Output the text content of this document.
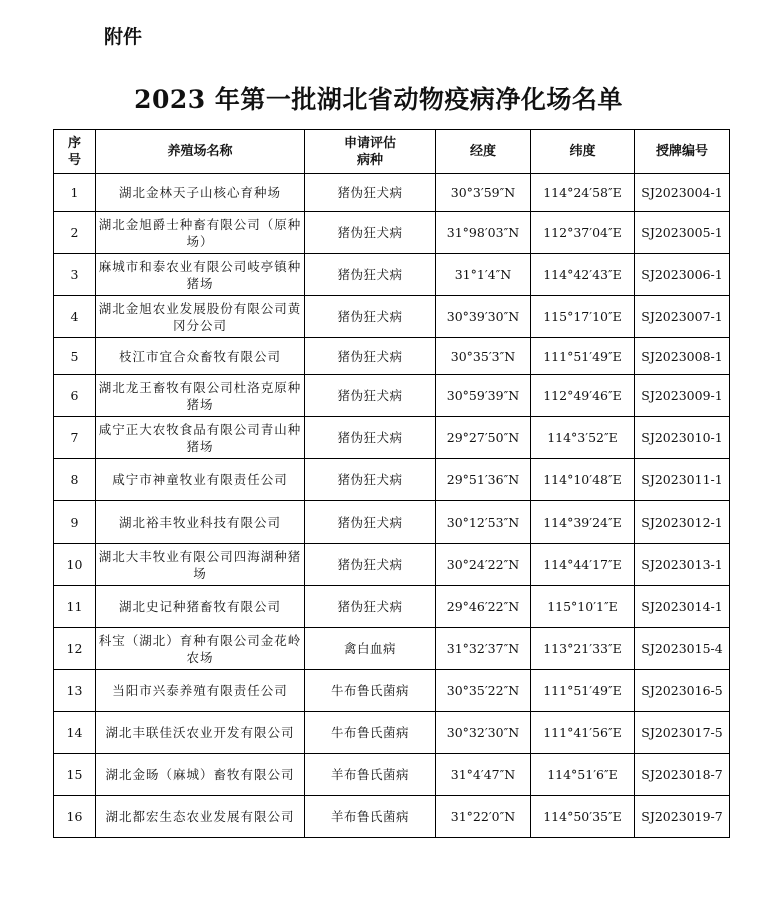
附件
2023 年第一批湖北省动物疫病净化场名单
序号	养殖场名称	申请评估病种	经度	纬度	授牌编号
1	湖北金林天子山核心育种场	猪伪狂犬病	30°3′59″N	114°24′58″E	SJ2023004-1
2	湖北金旭爵士种畜有限公司（原种场）	猪伪狂犬病	31°98′03″N	112°37′04″E	SJ2023005-1
3	麻城市和泰农业有限公司岐亭镇种猪场	猪伪狂犬病	31°1′4″N	114°42′43″E	SJ2023006-1
4	湖北金旭农业发展股份有限公司黄冈分公司	猪伪狂犬病	30°39′30″N	115°17′10″E	SJ2023007-1
5	枝江市宜合众畜牧有限公司	猪伪狂犬病	30°35′3″N	111°51′49″E	SJ2023008-1
6	湖北龙王畜牧有限公司杜洛克原种猪场	猪伪狂犬病	30°59′39″N	112°49′46″E	SJ2023009-1
7	咸宁正大农牧食品有限公司青山种猪场	猪伪狂犬病	29°27′50″N	114°3′52″E	SJ2023010-1
8	咸宁市神童牧业有限责任公司	猪伪狂犬病	29°51′36″N	114°10′48″E	SJ2023011-1
9	湖北裕丰牧业科技有限公司	猪伪狂犬病	30°12′53″N	114°39′24″E	SJ2023012-1
10	湖北大丰牧业有限公司四海湖种猪场	猪伪狂犬病	30°24′22″N	114°44′17″E	SJ2023013-1
11	湖北史记种猪畜牧有限公司	猪伪狂犬病	29°46′22″N	115°10′1″E	SJ2023014-1
12	科宝（湖北）育种有限公司金花岭农场	禽白血病	31°32′37″N	113°21′33″E	SJ2023015-4
13	当阳市兴泰养殖有限责任公司	牛布鲁氏菌病	30°35′22″N	111°51′49″E	SJ2023016-5
14	湖北丰联佳沃农业开发有限公司	牛布鲁氏菌病	30°32′30″N	111°41′56″E	SJ2023017-5
15	湖北金旸（麻城）畜牧有限公司	羊布鲁氏菌病	31°4′47″N	114°51′6″E	SJ2023018-7
16	湖北都宏生态农业发展有限公司	羊布鲁氏菌病	31°22′0″N	114°50′35″E	SJ2023019-7
